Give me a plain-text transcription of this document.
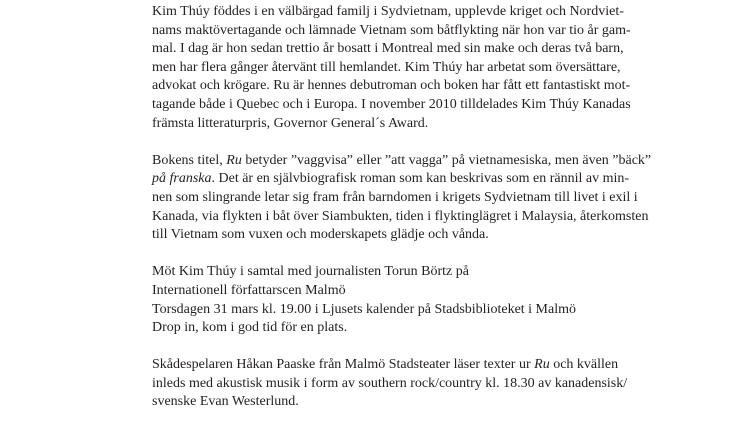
Kim Thúy föddes i en välbärgad familj i Sydvietnam, upplevde kriget och Nordviet-
nams maktövertagande och lämnade Vietnam som båtflykting när hon var tio år gam-
mal. I dag är hon sedan trettio år bosatt i Montreal med sin make och deras två barn,
men har flera gånger återvänt till hemlandet. Kim Thúy har arbetat som översättare,
advokat och krögare. Ru är hennes debutroman och boken har fått ett fantastiskt mot-
tagande både i Quebec och i Europa. I november 2010 tilldelades Kim Thúy Kanadas
främsta litteraturpris, Governor General´s Award.

Bokens titel, Ru betyder ”vaggvisa” eller ”att vagga” på vietnamesiska, men även ”bäck”
på franska. Det är en självbiografisk roman som kan beskrivas som en rännil av min-
nen som slingrande letar sig fram från barndomen i krigets Sydvietnam till livet i exil i
Kanada, via flykten i båt över Siambukten, tiden i flyktinglägret i Malaysia, återkomsten
till Vietnam som vuxen och moderskapets glädje och vånda.

Möt Kim Thúy i samtal med journalisten Torun Börtz på
Internationell författarscen Malmö
Torsdagen 31 mars kl. 19.00 i Ljusets kalender på Stadsbiblioteket i Malmö
Drop in, kom i god tid för en plats.

Skådespelaren Håkan Paaske från Malmö Stadsteater läser texter ur Ru och kvällen
inleds med akustisk musik i form av southern rock/country kl. 18.30 av kanadensisk/
svenske Evan Westerlund.
